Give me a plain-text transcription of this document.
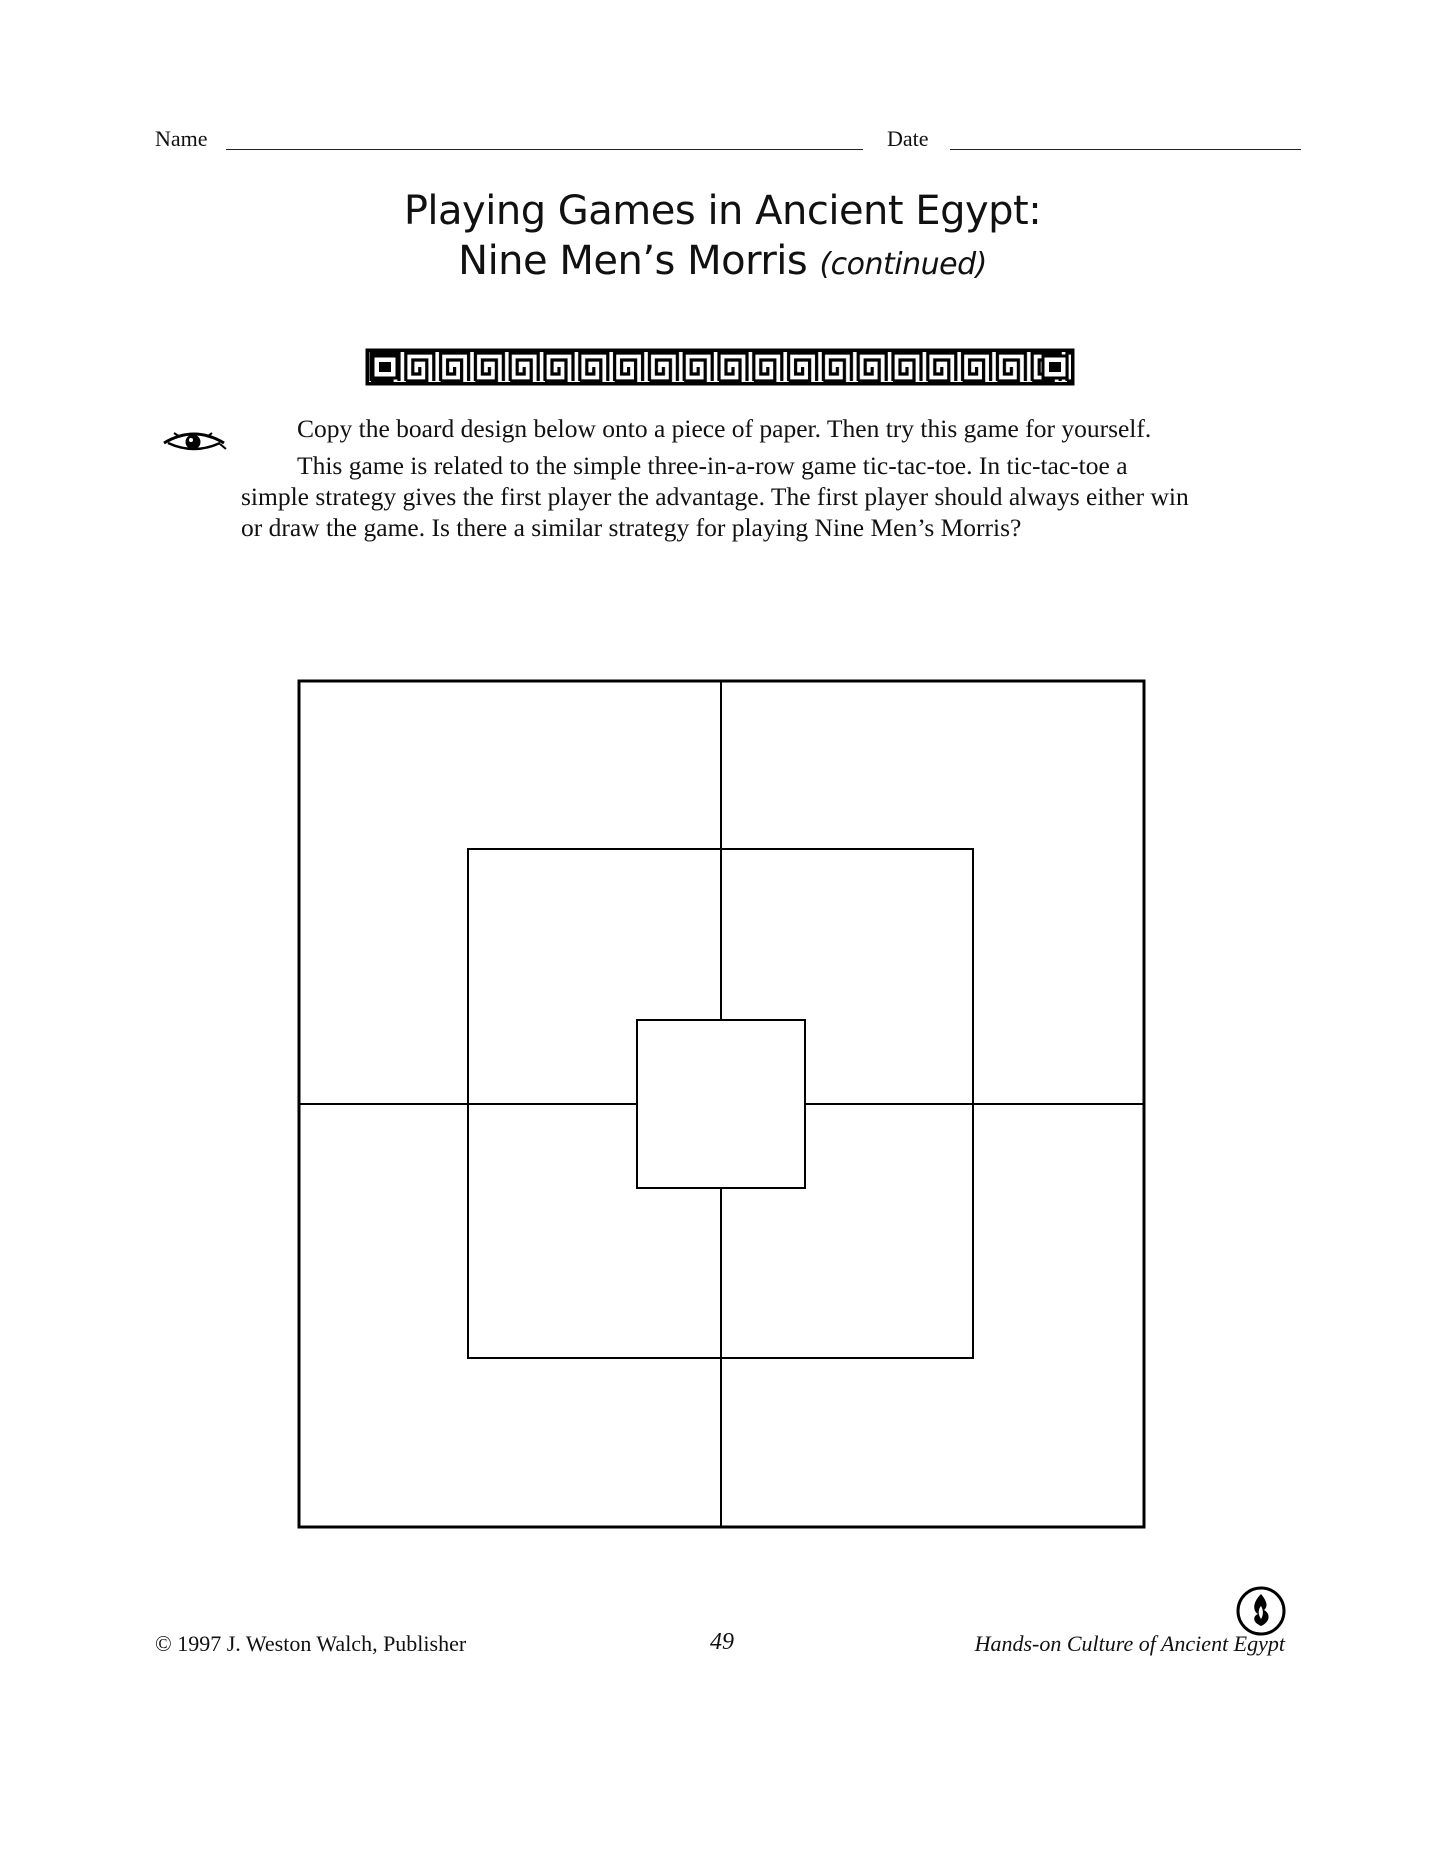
Name	Date
Playing Games in Ancient Egypt:
Nine Men’s Morris (continued)

Copy the board design below onto a piece of paper. Then try this game for yourself.

This game is related to the simple three-in-a-row game tic-tac-toe. In tic-tac-toe a simple strategy gives the first player the advantage. The first player should always either win or draw the game. Is there a similar strategy for playing Nine Men’s Morris?

© 1997 J. Weston Walch, Publisher	49	Hands-on Culture of Ancient Egypt
